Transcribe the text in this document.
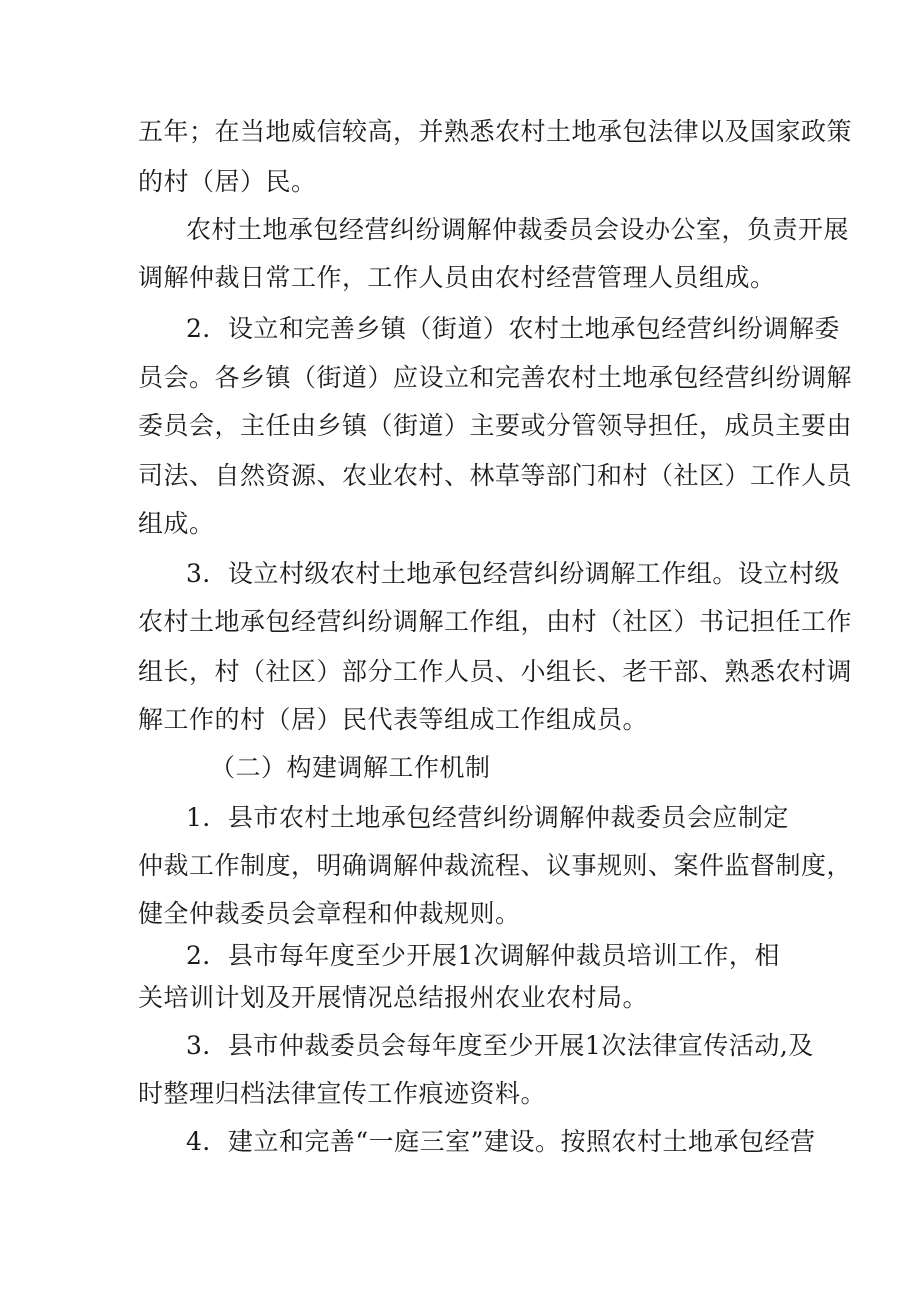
五年；在当地威信较高，并熟悉农村土地承包法律以及国家政策
的村（居）民。
农村土地承包经营纠纷调解仲裁委员会设办公室，负责开展
调解仲裁日常工作，工作人员由农村经营管理人员组成。
2．设立和完善乡镇（街道）农村土地承包经营纠纷调解委
员会。各乡镇（街道）应设立和完善农村土地承包经营纠纷调解
委员会，主任由乡镇（街道）主要或分管领导担任，成员主要由
司法、自然资源、农业农村、林草等部门和村（社区）工作人员
组成。
3．设立村级农村土地承包经营纠纷调解工作组。设立村级
农村土地承包经营纠纷调解工作组，由村（社区）书记担任工作
组长，村（社区）部分工作人员、小组长、老干部、熟悉农村调
解工作的村（居）民代表等组成工作组成员。
（二）构建调解工作机制
1．县市农村土地承包经营纠纷调解仲裁委员会应制定
仲裁工作制度，明确调解仲裁流程、议事规则、案件监督制度，
健全仲裁委员会章程和仲裁规则。
2．县市每年度至少开展1次调解仲裁员培训工作，相
关培训计划及开展情况总结报州农业农村局。
3．县市仲裁委员会每年度至少开展1次法律宣传活动,及
时整理归档法律宣传工作痕迹资料。
4．建立和完善“一庭三室”建设。按照农村土地承包经营
